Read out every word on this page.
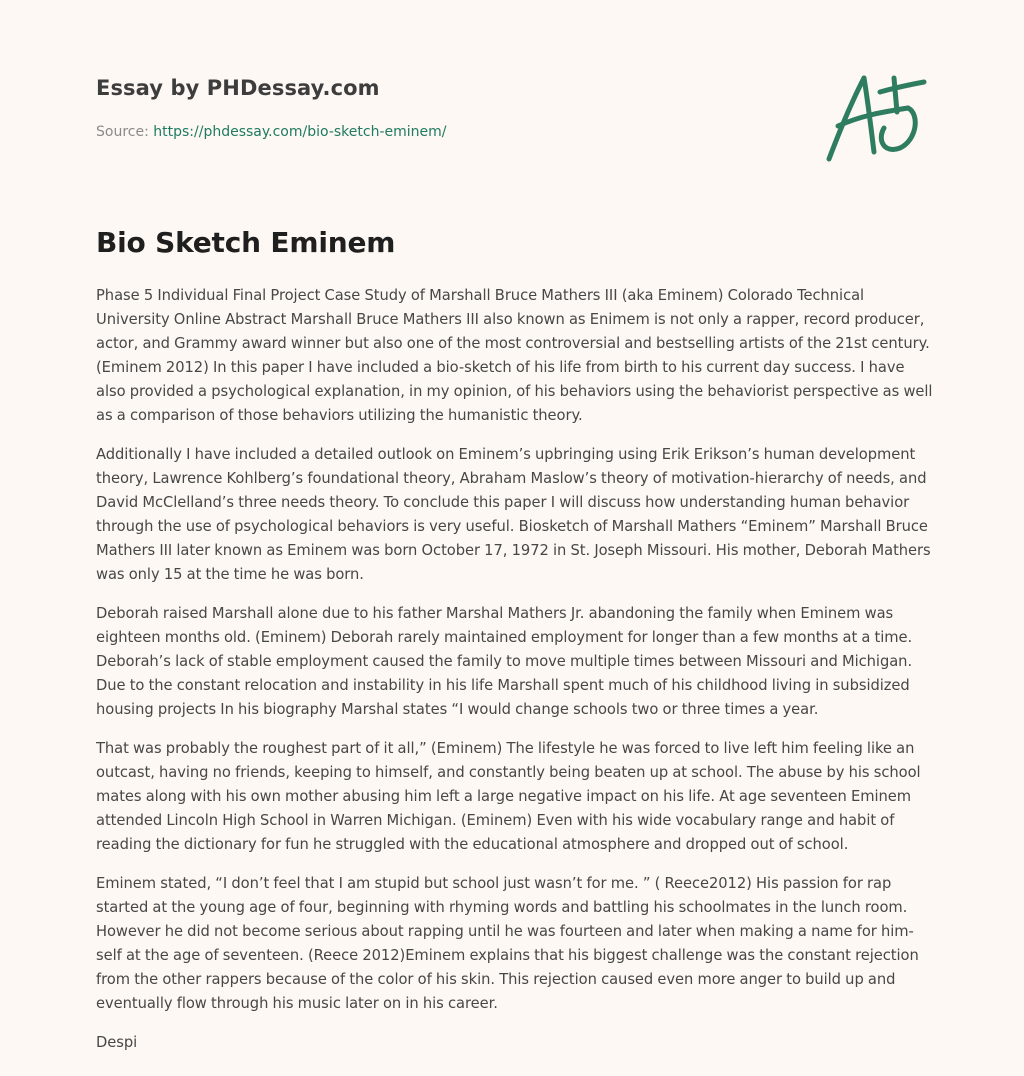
Essay by PHDessay.com
Source: https://phdessay.com/bio-sketch-eminem/
Bio Sketch Eminem

Phase 5 Individual Final Project Case Study of Marshall Bruce Mathers III (aka Eminem) Colorado Technical University Online Abstract Marshall Bruce Mathers III also known as Enimem is not only a rapper, record producer, actor, and Grammy award winner but also one of the most controversial and bestselling artists of the 21st century. (Eminem 2012) In this paper I have included a bio-sketch of his life from birth to his current day success. I have also provided a psychological explanation, in my opinion, of his behaviors using the behaviorist perspective as well as a comparison of those behaviors utilizing the humanistic theory.

Additionally I have included a detailed outlook on Eminem’s upbringing using Erik Erikson’s human development theory, Lawrence Kohlberg’s foundational theory, Abraham Maslow’s theory of motivation-hierarchy of needs, and David McClelland’s three needs theory. To conclude this paper I will discuss how understanding human behavior through the use of psychological behaviors is very useful. Biosketch of Marshall Mathers “Eminem” Marshall Bruce Mathers III later known as Eminem was born October 17, 1972 in St. Joseph Missouri. His mother, Deborah Mathers was only 15 at the time he was born.

Deborah raised Marshall alone due to his father Marshal Mathers Jr. abandoning the family when Eminem was eighteen months old. (Eminem) Deborah rarely maintained employment for longer than a few months at a time. Deborah’s lack of stable employment caused the family to move multiple times between Missouri and Michigan. Due to the constant relocation and instability in his life Marshall spent much of his childhood living in subsidized housing projects In his biography Marshal states “I would change schools two or three times a year.

That was probably the roughest part of it all,” (Eminem) The lifestyle he was forced to live left him feeling like an outcast, having no friends, keeping to himself, and constantly being beaten up at school. The abuse by his school mates along with his own mother abusing him left a large negative impact on his life. At age seventeen Eminem attended Lincoln High School in Warren Michigan. (Eminem) Even with his wide vocabulary range and habit of reading the dictionary for fun he struggled with the educational atmosphere and dropped out of school.

Eminem stated, “I don’t feel that I am stupid but school just wasn’t for me. ” ( Reece2012) His passion for rap started at the young age of four, beginning with rhyming words and battling his schoolmates in the lunch room. However he did not become serious about rapping until he was fourteen and later when making a name for him-self at the age of seventeen. (Reece 2012)Eminem explains that his biggest challenge was the constant rejection from the other rappers because of the color of his skin. This rejection caused even more anger to build up and eventually flow through his music later on in his career.

Despi
